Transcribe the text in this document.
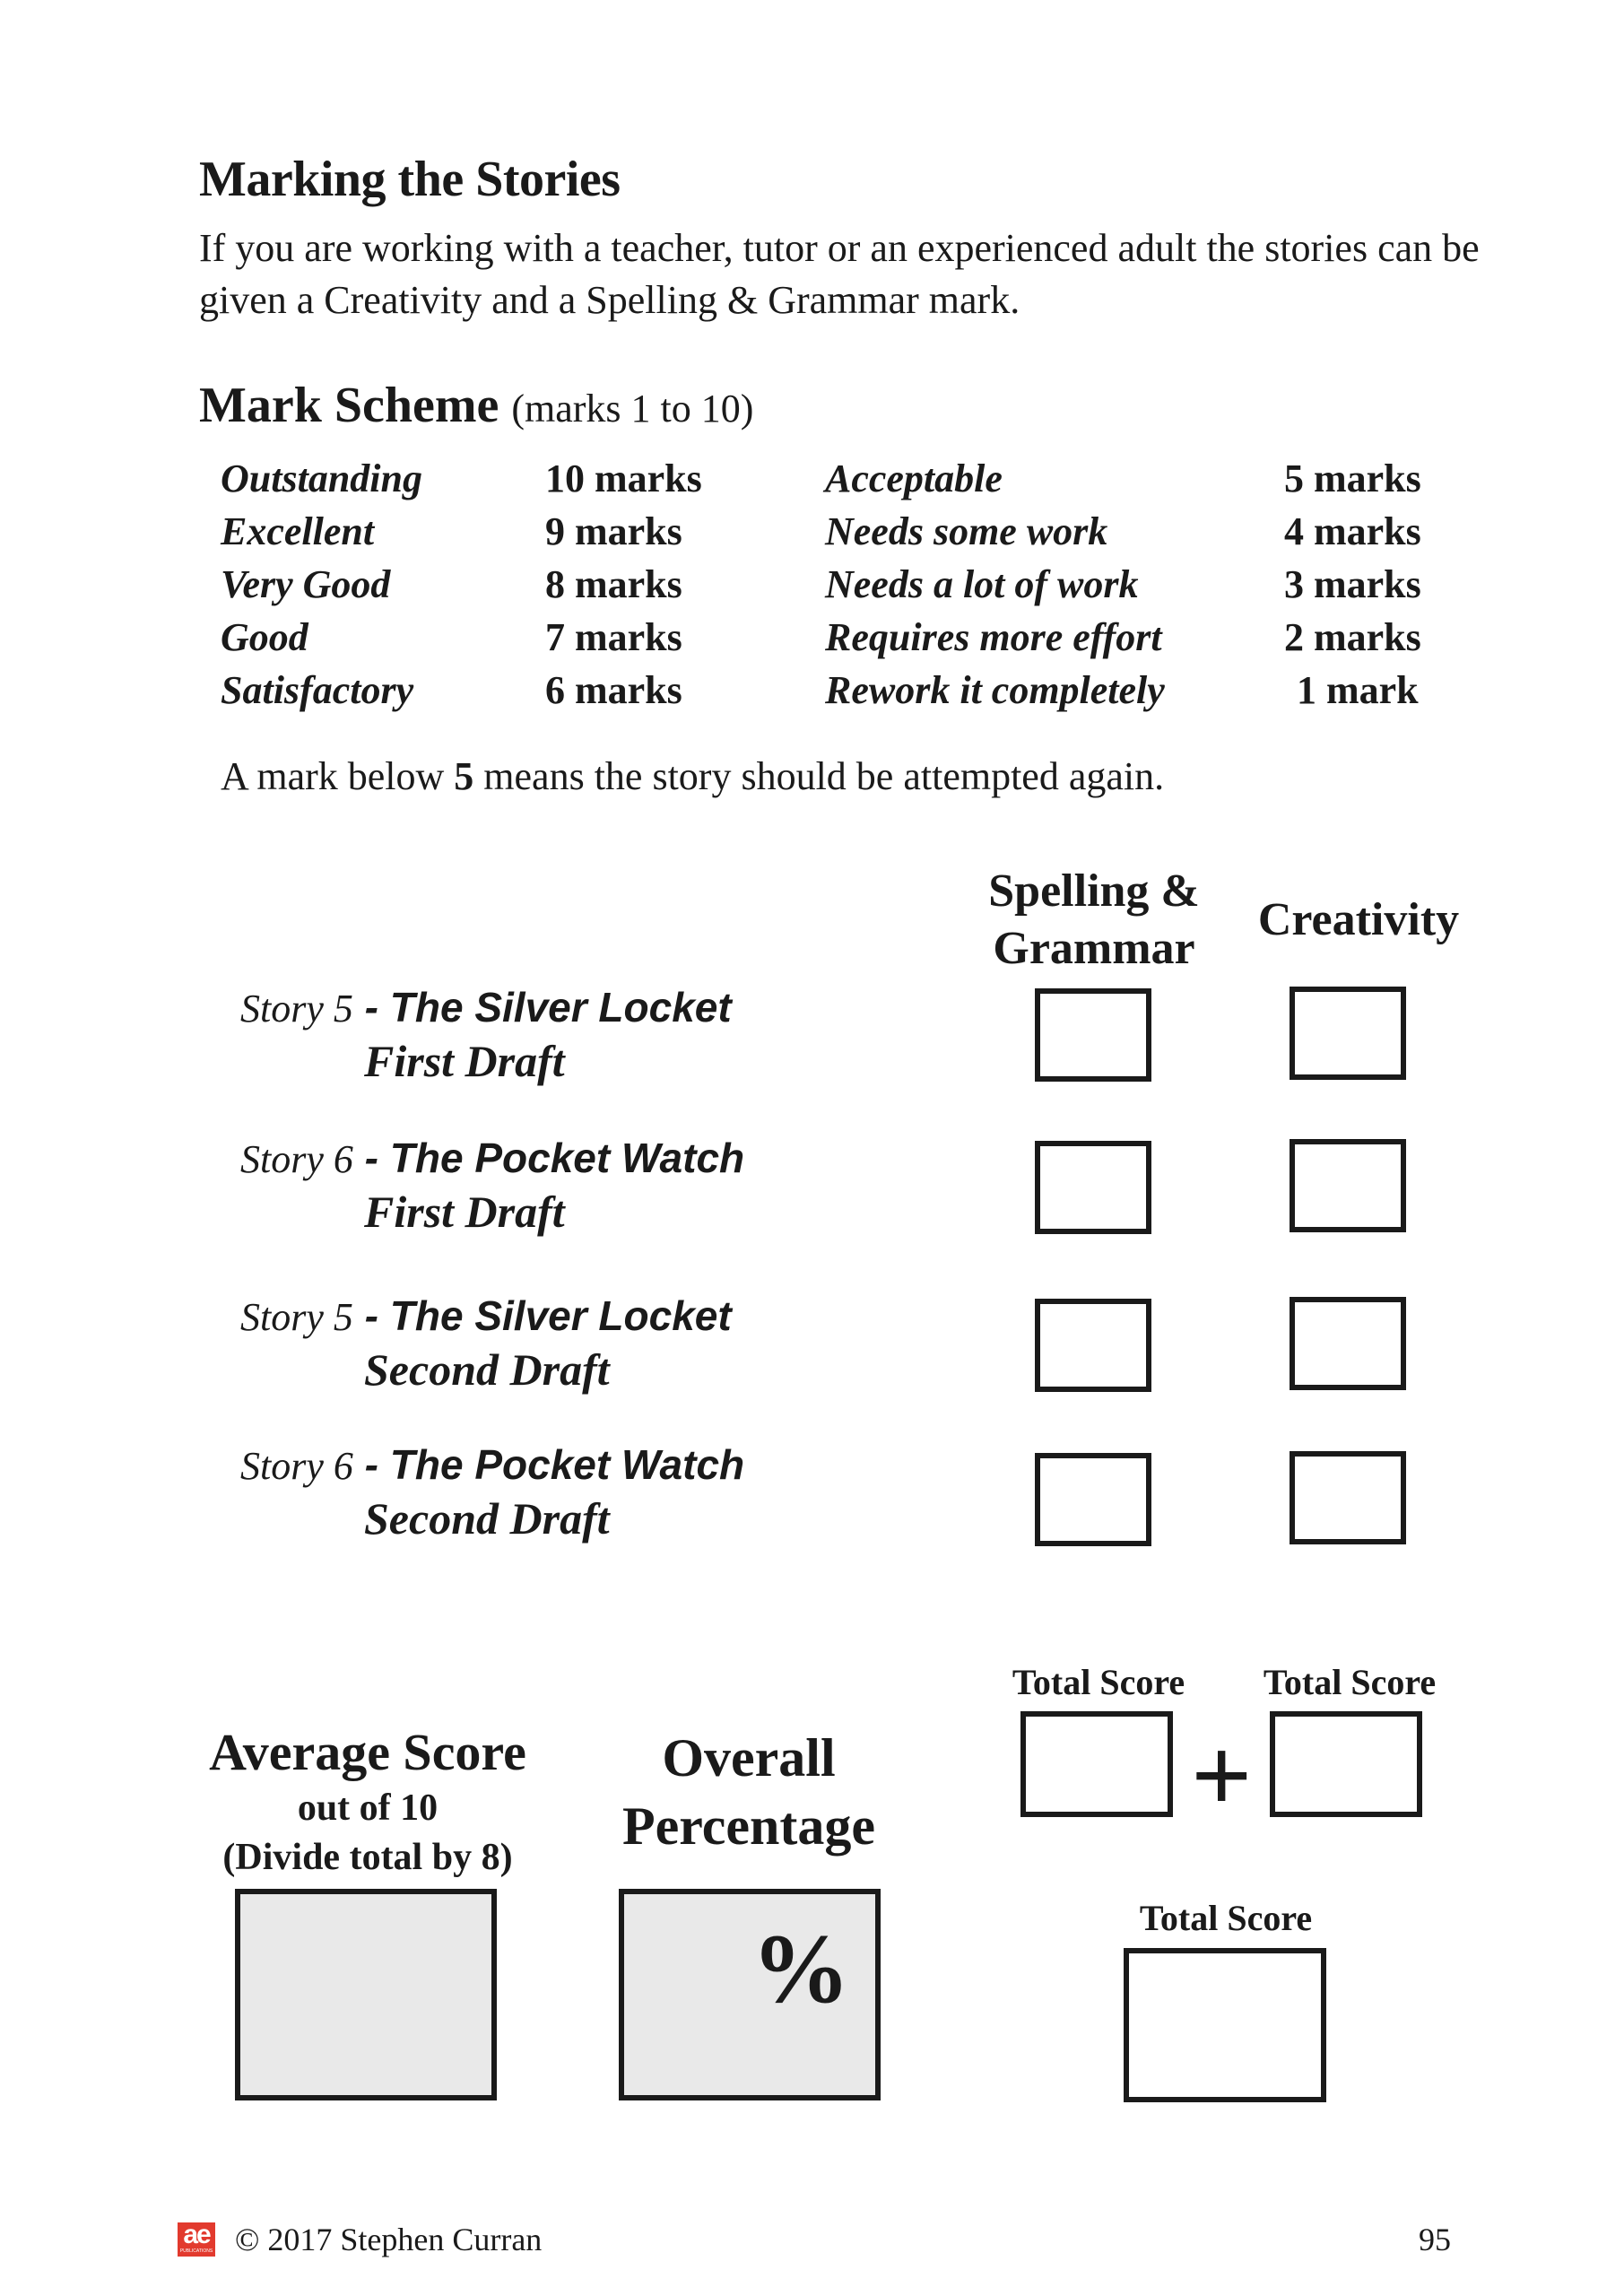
Marking the Stories
If you are working with a teacher, tutor or an experienced adult the stories can be given a Creativity and a Spelling & Grammar mark.
Mark Scheme (marks 1 to 10)
Outstanding	10 marks	Acceptable	5 marks
Excellent	9 marks	Needs some work	4 marks
Very Good	8 marks	Needs a lot of work	3 marks
Good	7 marks	Requires more effort	2 marks
Satisfactory	6 marks	Rework it completely	1 mark
A mark below 5 means the story should be attempted again.
Spelling &
Grammar
Creativity
Story 5 - The Silver Locket
First Draft
Story 6 - The Pocket Watch
First Draft
Story 5 - The Silver Locket
Second Draft
Story 6 - The Pocket Watch
Second Draft
Total Score Total Score
+
Total Score
Average Score
out of 10
(Divide total by 8)
Overall
Percentage
%
ae
PUBLICATIONS © 2017 Stephen Curran	95
